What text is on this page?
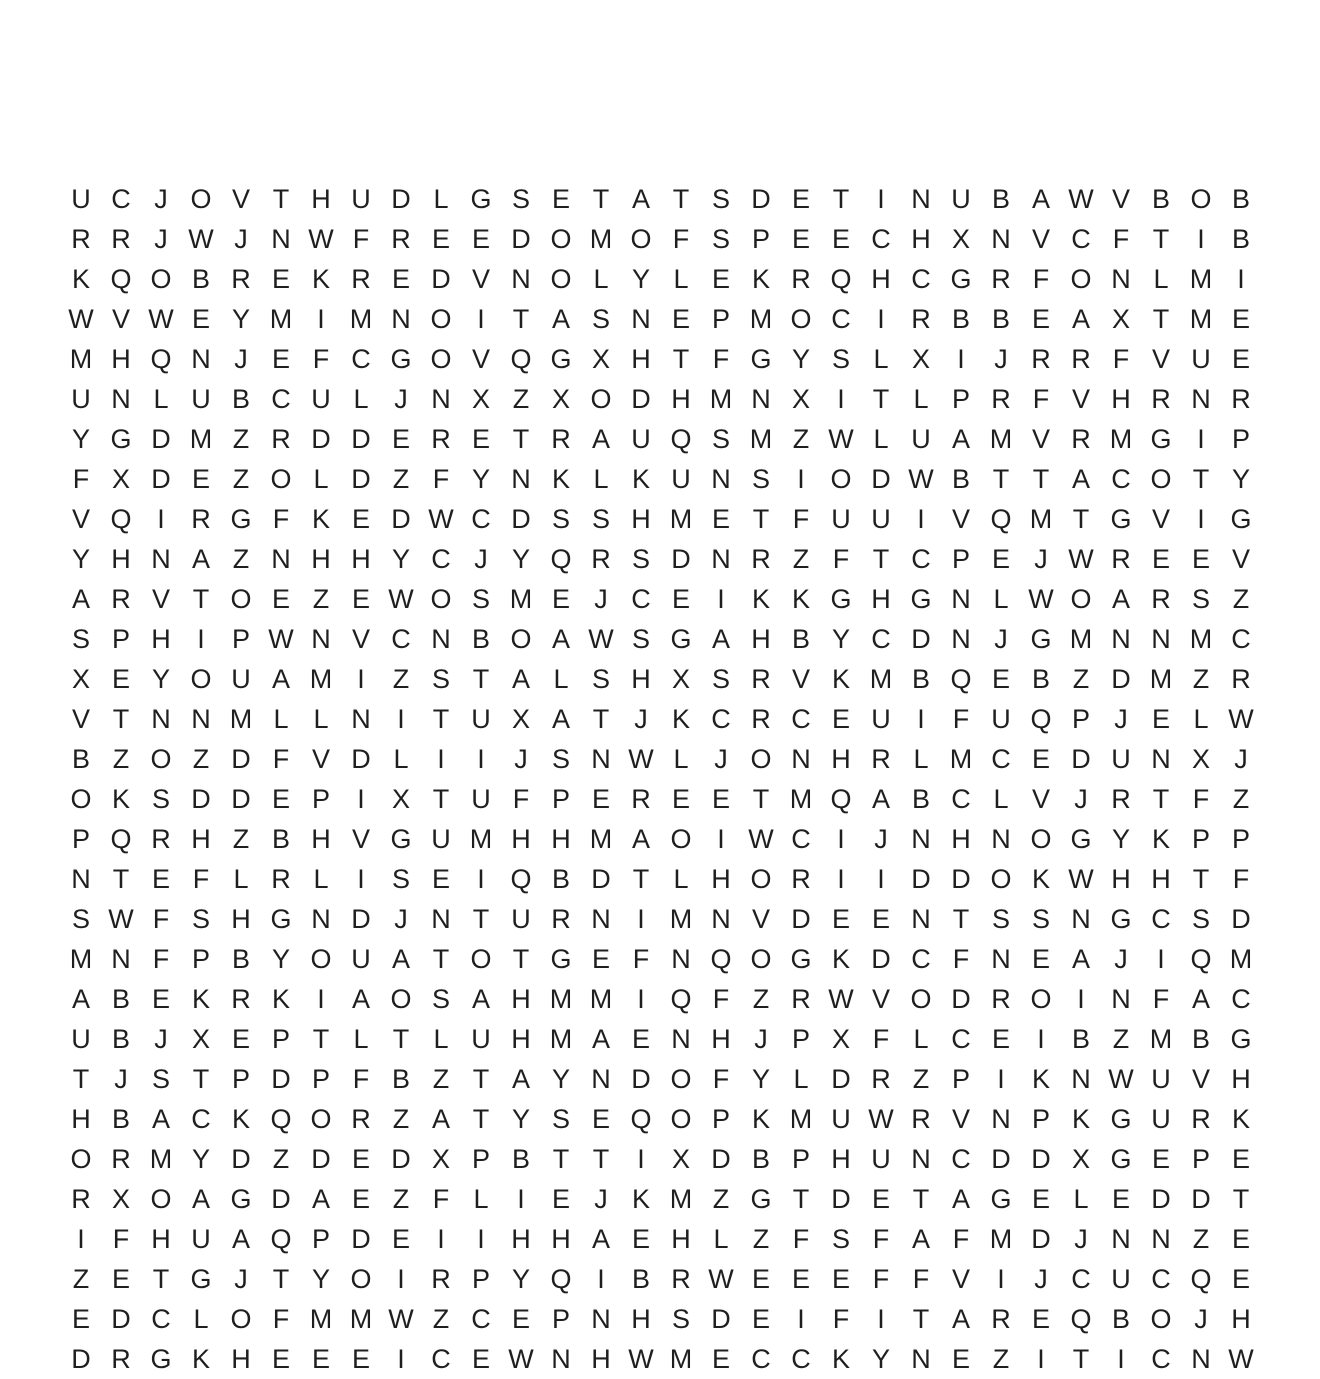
U C J O V T H U D L G S E T A T S D E T	I N U B A W V B O B
R R J W J N W F R E E D O M O F S P E E C H X N V C F T	I	B
K Q O B R E K R E D V N O L Y L E K R Q H C G R F O N L M I
W V W E Y M I M N O I	T A S N E P M O C I R B B E A X T M E
M H Q N J E F C G O V Q G X H T F G Y S L X	I	J R R F V U E
U N L U B C U L J N X Z X O D H M N X	I	T L P R F V H R N R
Y G D M Z R D D E R E T R A U Q S M Z W L U A M V R M G I	P
F X D E Z O L D Z F Y N K L K U N S	I O D W B T T A C O T Y
V Q I R G F K E D W C D S S H M E T F U U I	V Q M T G V	I G
Y H N A Z N H H Y C J Y Q R S D N R Z F T C P E J W R E E V
A R V T O E Z E W O S M E J C E	I	K K G H G N L W O A R S Z
S P H I	P W N V C N B O A W S G A H B Y C D N J G M N N M C
X E Y O U A M I	Z S T A L S H X S R V K M B Q E B Z D M Z R
V T N N M L L N I	T U X A T J K C R C E U I	F U Q P J E L W
B Z O Z D F V D L	I	I	J S N W L J O N H R L M C E D U N X J
O K S D D E P	I	X T U F P E R E E T M Q A B C L V J R T F Z
P Q R H Z B H V G U M H H M A O I W C I	J N H N O G Y K P P
N T E F L R L	I	S E	I Q B D T L H O R I	I D D O K W H H T F
S W F S H G N D J N T U R N I M N V D E E N T S S N G C S D
M N F P B Y O U A T O T G E F N Q O G K D C F N E A J	I Q M
A B E K R K	I	A O S A H M M I Q F Z R W V O D R O I N F A C
U B J X E P T L T L U H M A E N H J P X F L C E	I	B Z M B G
T J S T P D P F B Z T A Y N D O F Y L D R Z P	I	K N W U V H
H B A C K Q O R Z A T Y S E Q O P K M U W R V N P K G U R K
O R M Y D Z D E D X P B T T	I	X D B P H U N C D D X G E P E
R X O A G D A E Z F L	I	E J K M Z G T D E T A G E L E D D T
I	F H U A Q P D E	I	I H H A E H L Z F S F A F M D J N N Z E
Z E T G J T Y O I R P Y Q I	B R W E E E F F V	I	J C U C Q E
E D C L O F M M W Z C E P N H S D E	I	F	I	T A R E Q B O J H
D R G K H E E E	I C E W N H W M E C C K Y N E Z	I	T	I C N W
